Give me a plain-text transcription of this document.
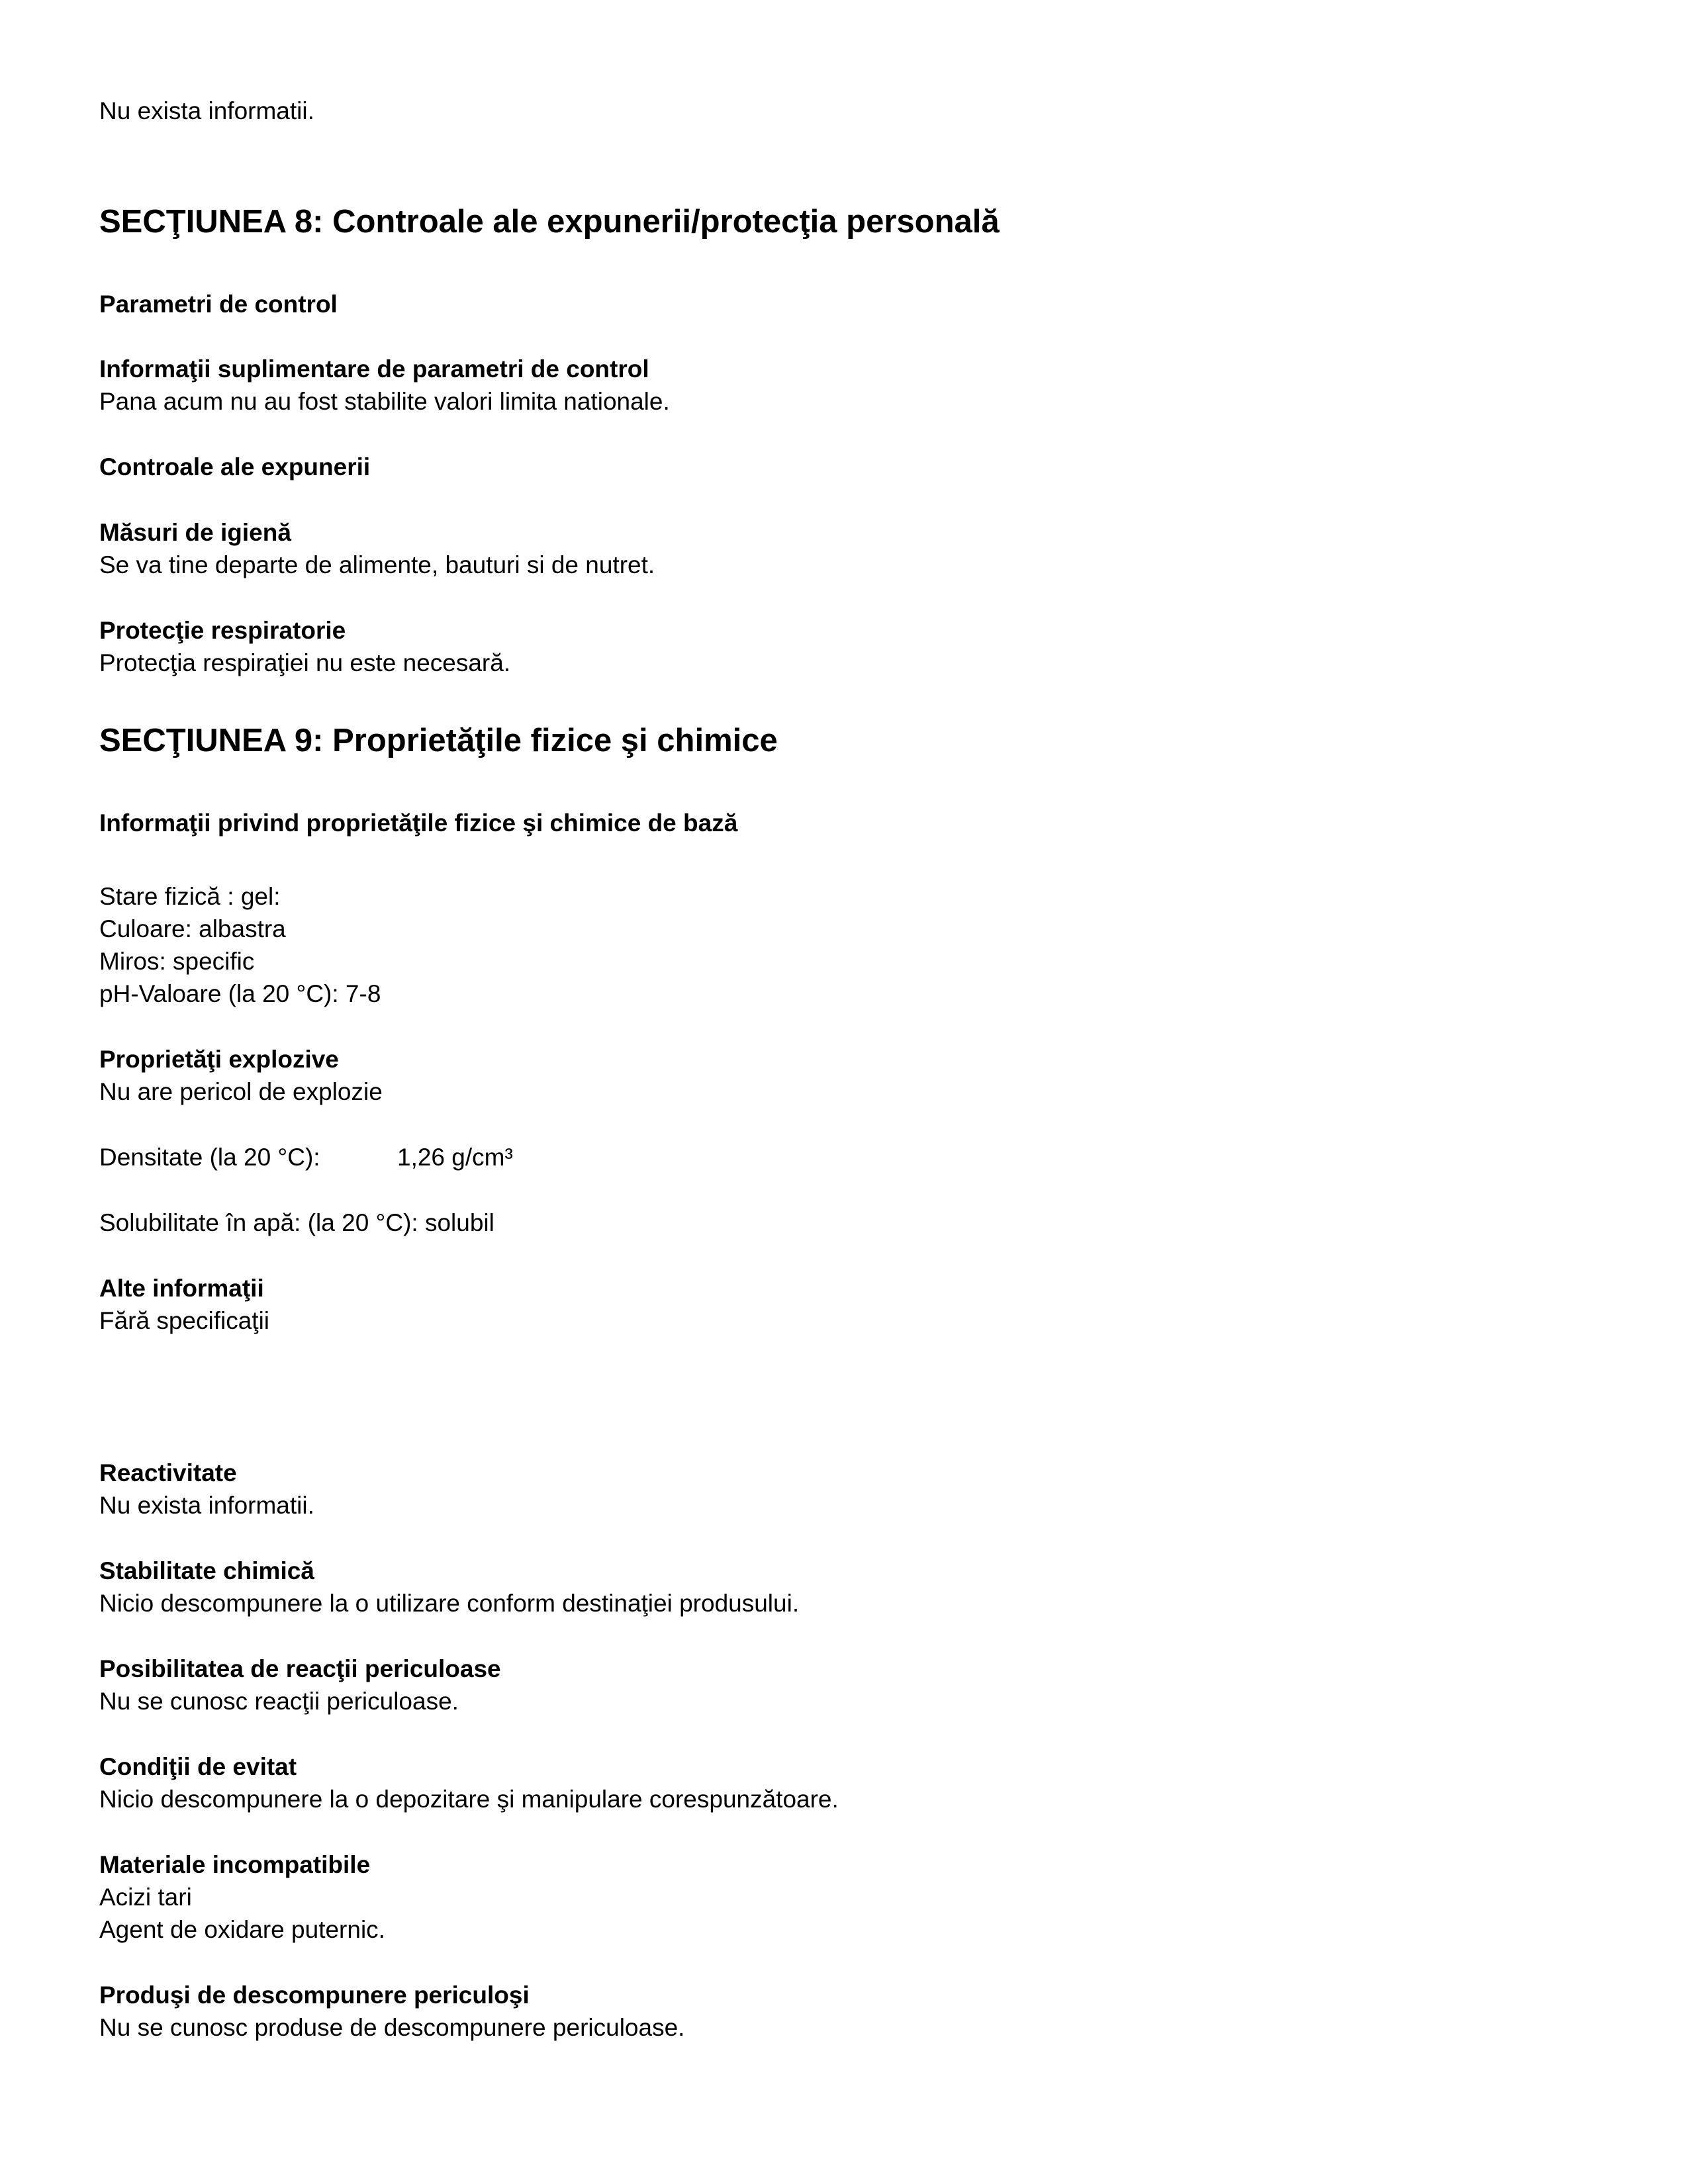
Nu exista informatii.

SECŢIUNEA 8: Controale ale expunerii/protecţia personală

Parametri de control

Informaţii suplimentare de parametri de control

Pana acum nu au fost stabilite valori limita nationale.

Controale ale expunerii

Măsuri de igienă

Se va tine departe de alimente, bauturi si de nutret.

Protecţie respiratorie

Protecţia respiraţiei nu este necesară.

SECŢIUNEA 9: Proprietăţile fizice şi chimice

Informaţii privind proprietăţile fizice şi chimice de bază

Stare fizică : gel:

Culoare: albastra

Miros: specific

pH-Valoare (la 20 °C): 7-8

Proprietăţi explozive

Nu are pericol de explozie

Densitate (la 20 °C):	1,26 g/cm³

Solubilitate în apă: (la 20 °C): solubil

Alte informaţii

Fără specificaţii

Reactivitate

Nu exista informatii.

Stabilitate chimică

Nicio descompunere la o utilizare conform destinaţiei produsului.

Posibilitatea de reacţii periculoase

Nu se cunosc reacţii periculoase.

Condiţii de evitat

Nicio descompunere la o depozitare şi manipulare corespunzătoare.

Materiale incompatibile

Acizi tari

Agent de oxidare puternic.

Produşi de descompunere periculoşi

Nu se cunosc produse de descompunere periculoase.
